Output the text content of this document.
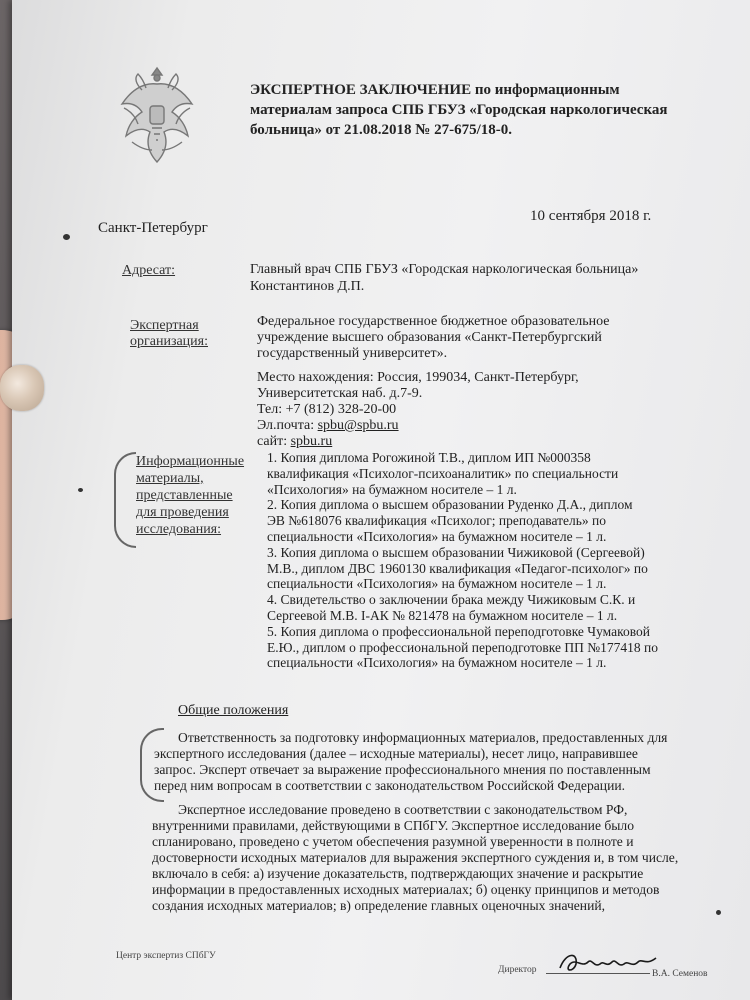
ЭКСПЕРТНОЕ ЗАКЛЮЧЕНИЕ по информационным
материалам запроса СПБ ГБУЗ «Городская наркологическая
больница» от 21.08.2018 № 27-675/18-0.
Санкт-Петербург
10 сентября 2018 г.
Адресат:	Главный врач СПБ ГБУЗ «Городская наркологическая больница»
Константинов Д.П.
Экспертная
организация:
Федеральное государственное бюджетное образовательное
учреждение высшего образования «Санкт-Петербургский
государственный университет».
Место нахождения: Россия, 199034, Санкт-Петербург,
Университетская наб. д.7-9.
Тел: +7 (812) 328-20-00
Эл.почта: spbu@spbu.ru
сайт: spbu.ru
Информационные
материалы,
представленные
для проведения
исследования:
1. Копия диплома Рогожиной Т.В., диплом ИП №000358
квалификация «Психолог-психоаналитик» по специальности
«Психология» на бумажном носителе – 1 л.
2. Копия диплома о высшем образовании Руденко Д.А., диплом
ЭВ №618076 квалификация «Психолог; преподаватель» по
специальности «Психология» на бумажном носителе – 1 л.
3. Копия диплома о высшем образовании Чижиковой (Сергеевой)
М.В., диплом ДВС 1960130 квалификация «Педагог-психолог» по
специальности «Психология» на бумажном носителе – 1 л.
4. Свидетельство о заключении брака между Чижиковым С.К. и
Сергеевой М.В. I-АК № 821478 на бумажном носителе – 1 л.
5. Копия диплома о профессиональной переподготовке Чумаковой
Е.Ю., диплом о профессиональной переподготовке ПП №177418 по
специальности «Психология» на бумажном носителе – 1 л.
Общие положения
Ответственность за подготовку информационных материалов, предоставленных для
экспертного исследования (далее – исходные материалы), несет лицо, направившее
запрос. Эксперт отвечает за выражение профессионального мнения по поставленным
перед ним вопросам в соответствии с законодательством Российской Федерации.
Экспертное исследование проведено в соответствии с законодательством РФ,
внутренними правилами, действующими в СПбГУ. Экспертное исследование было
спланировано, проведено с учетом обеспечения разумной уверенности в полноте и
достоверности исходных материалов для выражения экспертного суждения и, в том числе,
включало в себя: а) изучение доказательств, подтверждающих значение и раскрытие
информации в предоставленных исходных материалах; б) оценку принципов и методов
создания исходных материалов; в) определение главных оценочных значений,
Центр экспертиз СПбГУ
Директор	В.А. Семенов
